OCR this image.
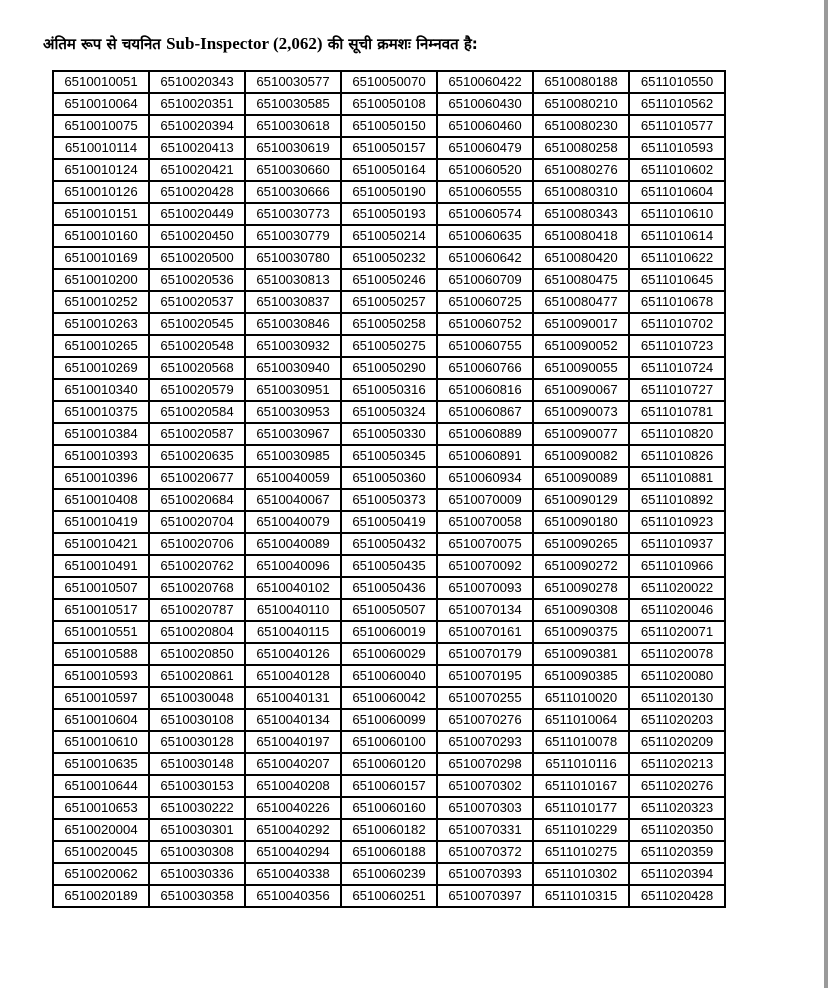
अंतिम रूप से चयनित Sub-Inspector (2,062) की सूची क्रमशः निम्नवत है:
6510010051	6510020343	6510030577	6510050070	6510060422	6510080188	6511010550
6510010064	6510020351	6510030585	6510050108	6510060430	6510080210	6511010562
6510010075	6510020394	6510030618	6510050150	6510060460	6510080230	6511010577
6510010114	6510020413	6510030619	6510050157	6510060479	6510080258	6511010593
6510010124	6510020421	6510030660	6510050164	6510060520	6510080276	6511010602
6510010126	6510020428	6510030666	6510050190	6510060555	6510080310	6511010604
6510010151	6510020449	6510030773	6510050193	6510060574	6510080343	6511010610
6510010160	6510020450	6510030779	6510050214	6510060635	6510080418	6511010614
6510010169	6510020500	6510030780	6510050232	6510060642	6510080420	6511010622
6510010200	6510020536	6510030813	6510050246	6510060709	6510080475	6511010645
6510010252	6510020537	6510030837	6510050257	6510060725	6510080477	6511010678
6510010263	6510020545	6510030846	6510050258	6510060752	6510090017	6511010702
6510010265	6510020548	6510030932	6510050275	6510060755	6510090052	6511010723
6510010269	6510020568	6510030940	6510050290	6510060766	6510090055	6511010724
6510010340	6510020579	6510030951	6510050316	6510060816	6510090067	6511010727
6510010375	6510020584	6510030953	6510050324	6510060867	6510090073	6511010781
6510010384	6510020587	6510030967	6510050330	6510060889	6510090077	6511010820
6510010393	6510020635	6510030985	6510050345	6510060891	6510090082	6511010826
6510010396	6510020677	6510040059	6510050360	6510060934	6510090089	6511010881
6510010408	6510020684	6510040067	6510050373	6510070009	6510090129	6511010892
6510010419	6510020704	6510040079	6510050419	6510070058	6510090180	6511010923
6510010421	6510020706	6510040089	6510050432	6510070075	6510090265	6511010937
6510010491	6510020762	6510040096	6510050435	6510070092	6510090272	6511010966
6510010507	6510020768	6510040102	6510050436	6510070093	6510090278	6511020022
6510010517	6510020787	6510040110	6510050507	6510070134	6510090308	6511020046
6510010551	6510020804	6510040115	6510060019	6510070161	6510090375	6511020071
6510010588	6510020850	6510040126	6510060029	6510070179	6510090381	6511020078
6510010593	6510020861	6510040128	6510060040	6510070195	6510090385	6511020080
6510010597	6510030048	6510040131	6510060042	6510070255	6511010020	6511020130
6510010604	6510030108	6510040134	6510060099	6510070276	6511010064	6511020203
6510010610	6510030128	6510040197	6510060100	6510070293	6511010078	6511020209
6510010635	6510030148	6510040207	6510060120	6510070298	6511010116	6511020213
6510010644	6510030153	6510040208	6510060157	6510070302	6511010167	6511020276
6510010653	6510030222	6510040226	6510060160	6510070303	6511010177	6511020323
6510020004	6510030301	6510040292	6510060182	6510070331	6511010229	6511020350
6510020045	6510030308	6510040294	6510060188	6510070372	6511010275	6511020359
6510020062	6510030336	6510040338	6510060239	6510070393	6511010302	6511020394
6510020189	6510030358	6510040356	6510060251	6510070397	6511010315	6511020428
